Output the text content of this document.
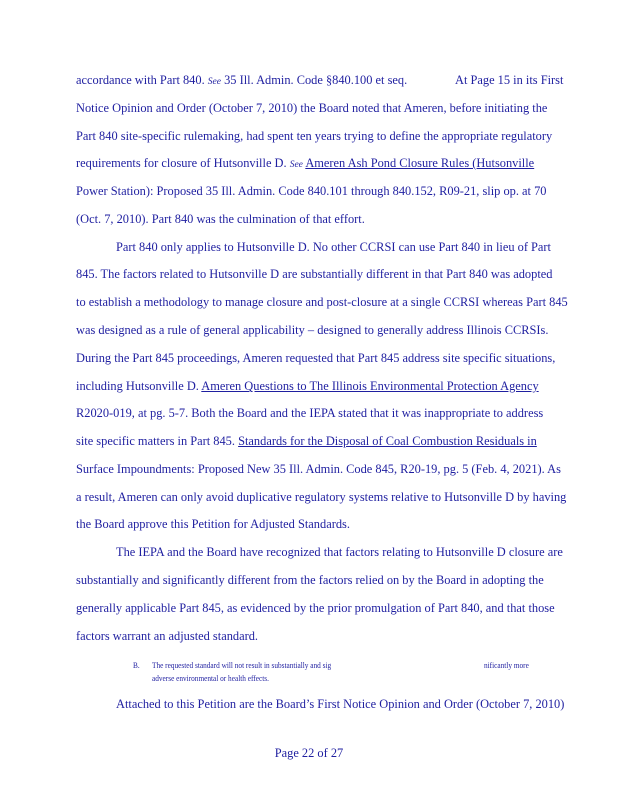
accordance with Part 840. See 35 Ill. Admin. Code §840.100 et seq.	At Page 15 in its First
Notice Opinion and Order (October 7, 2010) the Board noted that Ameren, before initiating the
Part 840 site-specific rulemaking, had spent ten years trying to define the appropriate regulatory
requirements for closure of Hutsonville D. See Ameren Ash Pond Closure Rules (Hutsonville
Power Station): Proposed 35 Ill. Admin. Code 840.101 through 840.152, R09-21, slip op. at 70
(Oct. 7, 2010). Part 840 was the culmination of that effort.
Part 840 only applies to Hutsonville D. No other CCRSI can use Part 840 in lieu of Part
845. The factors related to Hutsonville D are substantially different in that Part 840 was adopted
to establish a methodology to manage closure and post-closure at a single CCRSI whereas Part 845
was designed as a rule of general applicability – designed to generally address Illinois CCRSIs.
During the Part 845 proceedings, Ameren requested that Part 845 address site specific situations,
including Hutsonville D. Ameren Questions to The Illinois Environmental Protection Agency
R2020-019, at pg. 5-7. Both the Board and the IEPA stated that it was inappropriate to address
site specific matters in Part 845. Standards for the Disposal of Coal Combustion Residuals in
Surface Impoundments: Proposed New 35 Ill. Admin. Code 845, R20-19, pg. 5 (Feb. 4, 2021). As
a result, Ameren can only avoid duplicative regulatory systems relative to Hutsonville D by having
the Board approve this Petition for Adjusted Standards.
The IEPA and the Board have recognized that factors relating to Hutsonville D closure are
substantially and significantly different from the factors relied on by the Board in adopting the
generally applicable Part 845, as evidenced by the prior promulgation of Part 840, and that those
factors warrant an adjusted standard.
B. The requested standard will not result in substantially and sig	nificantly more
adverse environmental or health effects.
Attached to this Petition are the Board’s First Notice Opinion and Order (October 7, 2010)
Page 22 of 27
